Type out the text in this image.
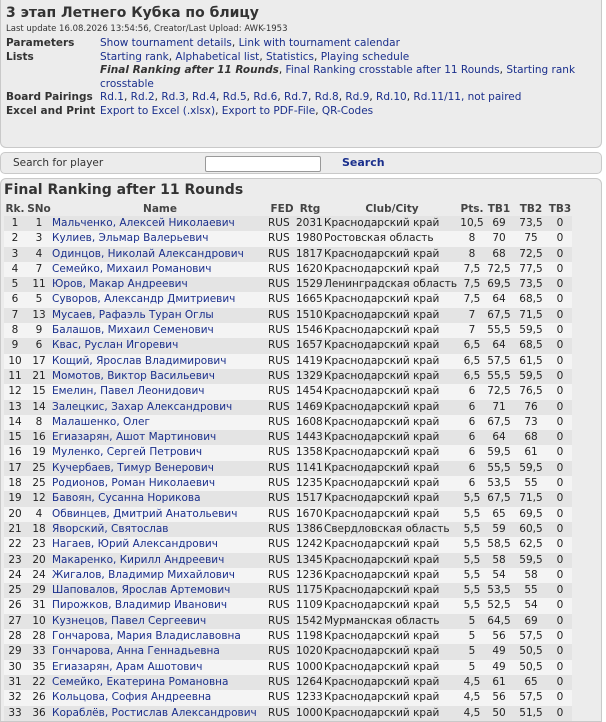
3 этап Летнего Кубка по блицу
Last update 16.08.2026 13:54:56, Creator/Last Upload: AWK-1953
Parameters	Show tournament details, Link with tournament calendar
Lists	Starting rank, Alphabetical list, Statistics, Playing schedule
Final Ranking after 11 Rounds, Final Ranking crosstable after 11 Rounds, Starting rank crosstable
Board Pairings	Rd.1, Rd.2, Rd.3, Rd.4, Rd.5, Rd.6, Rd.7, Rd.8, Rd.9, Rd.10, Rd.11/11, not paired
Excel and Print	Export to Excel (.xlsx), Export to PDF-File, QR-Codes
Search for player	Search
Final Ranking after 11 Rounds
Rk.	SNo	Name	FED	Rtg	Club/City	Pts.	TB1	TB2	TB3
1	1	Мальченко, Алексей Николаевич	RUS	2031	Краснодарский край	10,5	69	73,5	0
2	3	Кулиев, Эльмар Валерьевич	RUS	1980	Ростовская область	8	70	75	0
3	4	Одинцов, Николай Александрович	RUS	1817	Краснодарский край	8	68	72,5	0
4	7	Семейко, Михаил Романович	RUS	1620	Краснодарский край	7,5	72,5	77,5	0
5	11	Юров, Макар Андреевич	RUS	1529	Ленинградская область	7,5	69,5	73,5	0
6	5	Суворов, Александр Дмитриевич	RUS	1665	Краснодарский край	7,5	64	68,5	0
7	13	Мусаев, Рафаэль Туран Оглы	RUS	1510	Краснодарский край	7	67,5	71,5	0
8	9	Балашов, Михаил Семенович	RUS	1546	Краснодарский край	7	55,5	59,5	0
9	6	Квас, Руслан Игоревич	RUS	1657	Краснодарский край	6,5	64	68,5	0
10	17	Кощий, Ярослав Владимирович	RUS	1419	Краснодарский край	6,5	57,5	61,5	0
11	21	Момотов, Виктор Васильевич	RUS	1329	Краснодарский край	6,5	55,5	59,5	0
12	15	Емелин, Павел Леонидович	RUS	1454	Краснодарский край	6	72,5	76,5	0
13	14	Залецкис, Захар Александрович	RUS	1469	Краснодарский край	6	71	76	0
14	8	Малашенко, Олег	RUS	1608	Краснодарский край	6	67,5	73	0
15	16	Егиазарян, Ашот Мартинович	RUS	1443	Краснодарский край	6	64	68	0
16	19	Муленко, Сергей Петрович	RUS	1358	Краснодарский край	6	59,5	61	0
17	25	Кучербаев, Тимур Венерович	RUS	1141	Краснодарский край	6	55,5	59,5	0
18	25	Родионов, Роман Николаевич	RUS	1235	Краснодарский край	6	53,5	55	0
19	12	Бавоян, Сусанна Норикова	RUS	1517	Краснодарский край	5,5	67,5	71,5	0
20	4	Обвинцев, Дмитрий Анатольевич	RUS	1670	Краснодарский край	5,5	65	69,5	0
21	18	Яворский, Святослав	RUS	1386	Свердловская область	5,5	59	60,5	0
22	23	Нагаев, Юрий Александрович	RUS	1242	Краснодарский край	5,5	58,5	62,5	0
23	20	Макаренко, Кирилл Андреевич	RUS	1345	Краснодарский край	5,5	58	59,5	0
24	24	Жигалов, Владимир Михайлович	RUS	1236	Краснодарский край	5,5	54	58	0
25	29	Шаповалов, Ярослав Артемович	RUS	1175	Краснодарский край	5,5	53,5	55	0
26	31	Пирожков, Владимир Иванович	RUS	1109	Краснодарский край	5,5	52,5	54	0
27	10	Кузнецов, Павел Сергеевич	RUS	1542	Мурманская область	5	64,5	69	0
28	28	Гончарова, Мария Владиславовна	RUS	1198	Краснодарский край	5	56	57,5	0
29	33	Гончарова, Анна Геннадьевна	RUS	1020	Краснодарский край	5	49	50,5	0
30	35	Егиазарян, Арам Ашотович	RUS	1000	Краснодарский край	5	49	50,5	0
31	22	Семейко, Екатерина Романовна	RUS	1264	Краснодарский край	4,5	61	65	0
32	26	Кольцова, София Андреевна	RUS	1233	Краснодарский край	4,5	56	57,5	0
33	36	Кораблёв, Ростислав Александрович	RUS	1000	Краснодарский край	4,5	50	51,5	0
